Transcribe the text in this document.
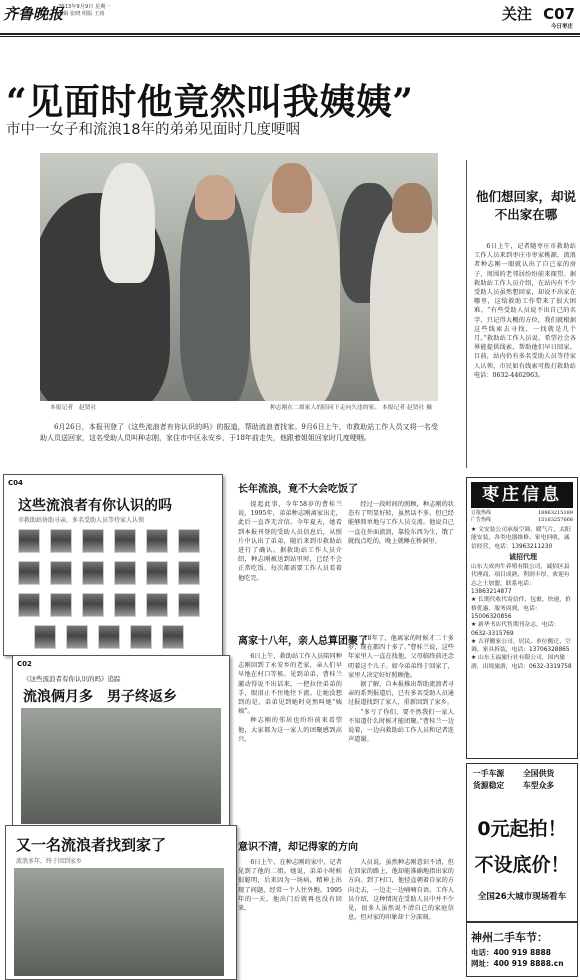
齐鲁晚报
2013年9月9日 星期一
编辑 张晓 组版 王涛	关注 C07
今日枣庄
“见面时他竟然叫我姨姨”
市中一女子和流浪18年的弟弟见面时几度哽咽
本报记者　赵贤社	种志刚在二姐家人的陪同下走向久违的家。 本报记者 赵贤社 摄
6月26日，本报刊登了《这些流浪者有你认识的吗》的报道，帮助流浪者找家。9月6日上午，市救助站工作人员又将一名受助人员送回家，这名受助人员叫种志刚，家住市中区永安乡，于18年前走失，他跟着姐姐回家时几度哽咽。
他们想回家，却说不出家在哪

6日上午，记者随枣庄市救助站工作人员来到枣庄市枣家桃源，流浪者种志刚一眼就认出了自己家的房子，周围的老邻居纷纷前来探望。据救助站工作人员介绍，在站内有不少受助人员虽然想回家，却说不出家在哪里，这给救助工作带来了很大困难。“有些受助人员说不出自己的名字，只记得大概的方位，我们就根据这些线索去寻找，一找就是几个月。”救助站工作人员说，希望社会各界能提供线索，帮助他们早日回家。目前，站内仍有多名受助人员等待家人认领，市民如有线索可拨打救助站电话：0632-4462963。

枣庄信息
订报热线	18863215189
广告热线	15163257668
★ 文安装公司承接空调、暖气片、太阳能安装，各类电器维修、家电回收，诚信经营，电话：13963211230
诚招代理
山东大成肉牛养殖有限公司，诚招区县代理商，项目成熟，利润丰厚，欢迎有志之士加盟，联系电话：13863214877
★ 长期代收代寄信件、包裹、快递，价格优惠，服务周到，电话：15006320856
★ 新华书店代售期刊杂志，电话：0632-3315769
★ 吉祥搬家公司，居民、单位搬迁，空调、家具拆装，电话：13706328865
★ 山东玉福旅行社有限公司，国内旅游，出境旅游，电话：0632-3319758
一手车源	全国供货
货源稳定	车型众多
0元起拍！
不设底价！
全国26大城市现场看车
神州二手车节：
电话：400 919 8888
网址：400 919 8888.cn
C04
这些流浪者有你认识的吗
市救助站协助寻亲，多名受助人员等待家人认领
C02
《这些流浪者有你认识的吗》追踪
流浪俩月多　男子终返乡
又一名流浪者找到家了
流浪多年，终于回到家乡
长年流浪，竟不大会吃饭了

提起此事，今年58岁的曹桂兰说，1995年，弟弟种志刚离家出走，此后一直杳无音信。今年夏天，她看到本报刊登的受助人员信息后，从照片中认出了弟弟，随后来到市救助站进行了确认。据救助站工作人员介绍，种志刚被送到站里时，已经不会正常吃饭，每次都需要工作人员看着他吃完。

经过一段时间的照顾，种志刚的状态有了明显好转，虽然话不多，但已经能够简单地与工作人员交流。他说自己一直在外面流浪，靠捡东西为生，饿了就找点吃的，晚上就睡在桥洞里。

离家十八年，亲人总算团聚了

6日上午，救助站工作人员陪同种志刚回到了永安乡的老家，亲人们早早地在村口等候。见到弟弟，曹桂兰激动得说不出话来，一把拉住弟弟的手，眼泪止不住地往下流。让她没想到的是，弟弟见到她时竟然叫她“姨姨”。

种志刚的邻居也纷纷前来看望他，大家都为这一家人的团聚感到高兴。

“18年了，他离家的时候才二十多岁，现在都四十多了。”曹桂兰说，这些年家里人一直在找他，父母临终前还念叨着这个儿子。如今弟弟终于回家了，家里人决定好好照顾他。

据了解，自本报推出帮助流浪者寻亲的系列报道后，已有多名受助人员通过报道找到了家人，重新回到了家乡。

“多亏了你们，要不然我们一家人不知道什么时候才能团聚。”曹桂兰一边说着，一边向救助站工作人员和记者连声道谢。

意识不清，却记得家的方向

6日上午，在种志刚的家中，记者见到了他的二姐。她说，弟弟小时候很聪明，后来因为一场病，精神上出现了问题，经常一个人往外跑。1995年的一天，他出门后就再也没有回来。

人员说，虽然种志刚意识不清，但在回家的路上，他却能准确地指出家的方向。到了村口，他径直朝着自家的方向走去，一边走一边喃喃自语。工作人员介绍，这种情况在受助人员中并不少见，很多人虽然说不清自己的家庭信息，但对家的印象却十分深刻。
